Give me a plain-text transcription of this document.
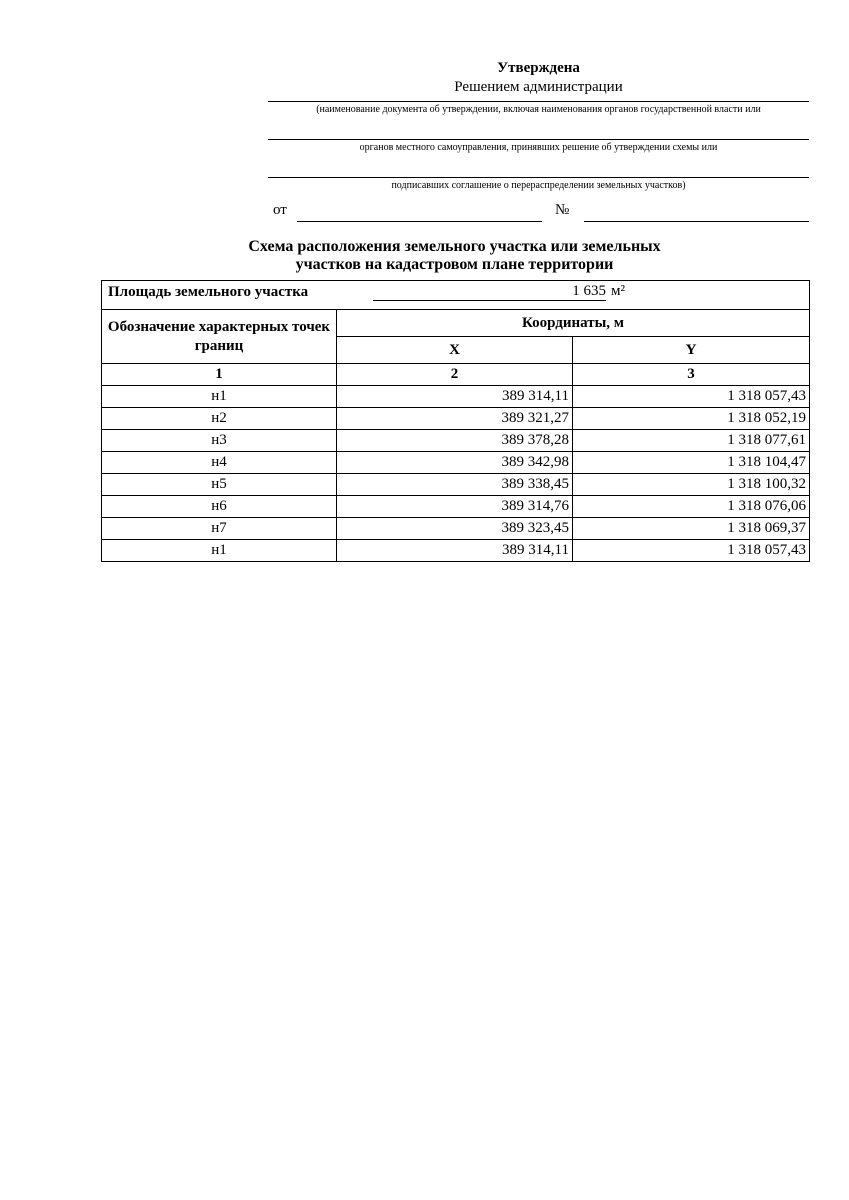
Утверждена
Решением администрации
(наименование документа об утверждении, включая наименования органов государственной власти или
органов местного самоуправления, принявших решение об утверждении схемы или
подписавших соглашение о перераспределении земельных участков)
от	№
Схема расположения земельного участка или земельных
участков на кадастровом плане территории
Площадь земельного участка 1 635 м²		

Обозначение характерных точек границ	Координаты, м	
	X	Y
1	2	3
н1	389 314,11	1 318 057,43
н2	389 321,27	1 318 052,19
н3	389 378,28	1 318 077,61
н4	389 342,98	1 318 104,47
н5	389 338,45	1 318 100,32
н6	389 314,76	1 318 076,06
н7	389 323,45	1 318 069,37
н1	389 314,11	1 318 057,43
